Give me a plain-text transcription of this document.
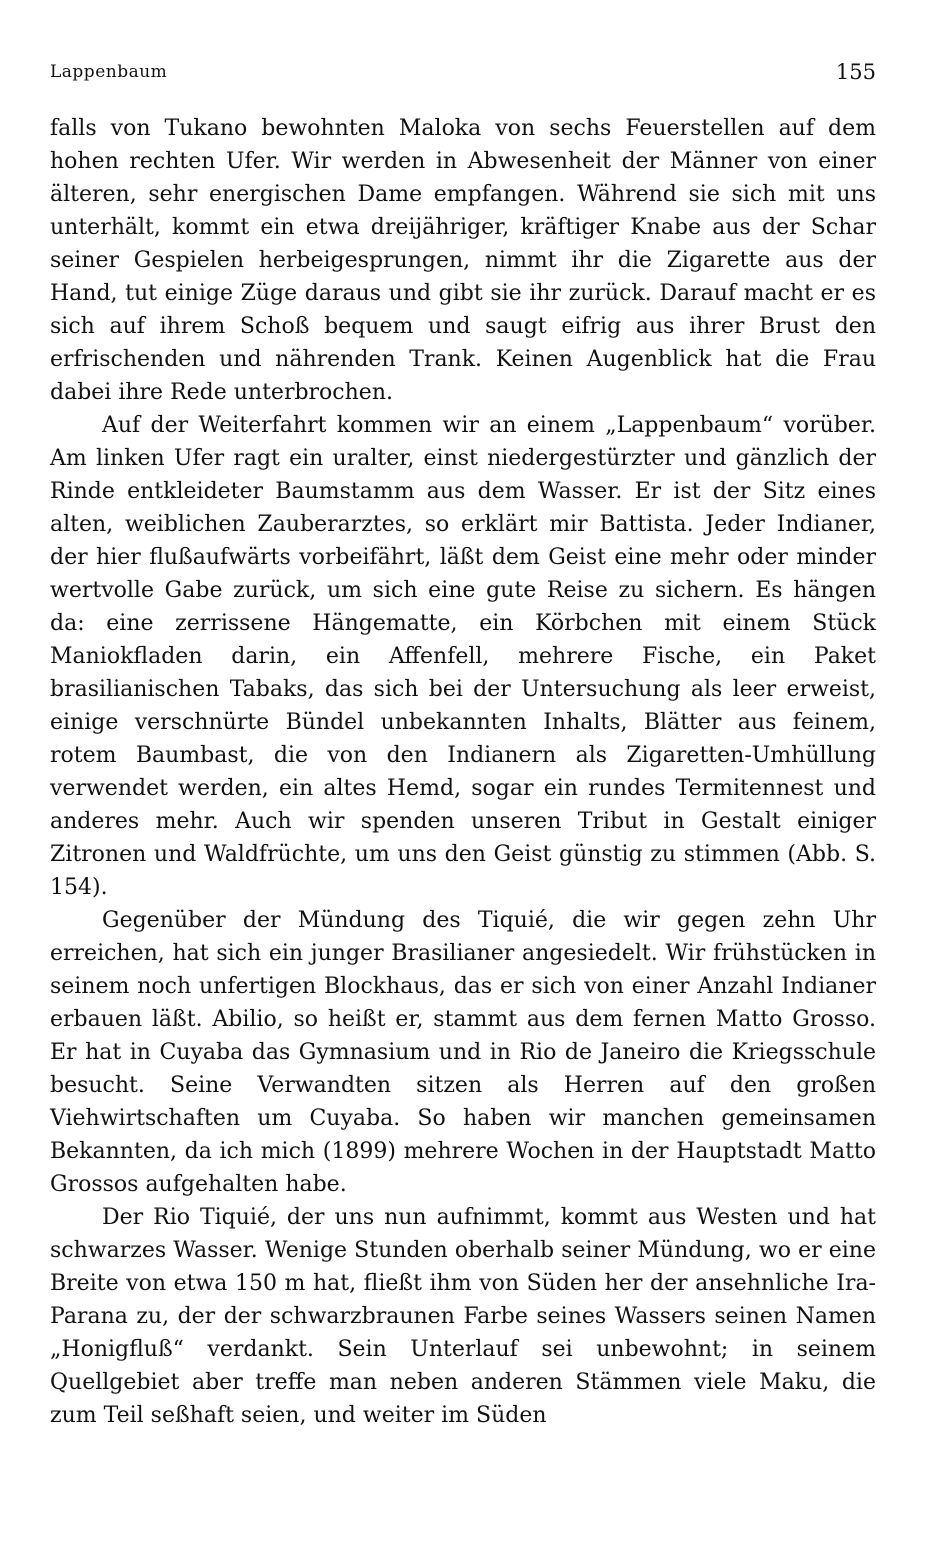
Lappenbaum	155

falls von Tukano bewohnten Maloka von sechs Feuerstellen auf dem hohen rechten Ufer. Wir werden in Abwesenheit der Männer von einer älteren, sehr energischen Dame empfangen. Während sie sich mit uns unterhält, kommt ein etwa dreijähriger, kräftiger Knabe aus der Schar seiner Gespielen herbeigesprungen, nimmt ihr die Zigarette aus der Hand, tut einige Züge daraus und gibt sie ihr zurück. Darauf macht er es sich auf ihrem Schoß bequem und saugt eifrig aus ihrer Brust den erfrischenden und nährenden Trank. Keinen Augenblick hat die Frau dabei ihre Rede unterbrochen.

Auf der Weiterfahrt kommen wir an einem „Lappenbaum“ vorüber. Am linken Ufer ragt ein uralter, einst niedergestürzter und gänzlich der Rinde entkleideter Baumstamm aus dem Wasser. Er ist der Sitz eines alten, weiblichen Zauberarztes, so erklärt mir Battista. Jeder Indianer, der hier flußaufwärts vorbeifährt, läßt dem Geist eine mehr oder minder wertvolle Gabe zurück, um sich eine gute Reise zu sichern. Es hängen da: eine zerrissene Hängematte, ein Körbchen mit einem Stück Maniokfladen darin, ein Affenfell, mehrere Fische, ein Paket brasilianischen Tabaks, das sich bei der Untersuchung als leer erweist, einige verschnürte Bündel unbekannten Inhalts, Blätter aus feinem, rotem Baumbast, die von den Indianern als Zigaretten-Umhüllung verwendet werden, ein altes Hemd, sogar ein rundes Termitennest und anderes mehr. Auch wir spenden unseren Tribut in Gestalt einiger Zitronen und Waldfrüchte, um uns den Geist günstig zu stimmen (Abb. S. 154).

Gegenüber der Mündung des Tiquié, die wir gegen zehn Uhr erreichen, hat sich ein junger Brasilianer angesiedelt. Wir frühstücken in seinem noch unfertigen Blockhaus, das er sich von einer Anzahl Indianer erbauen läßt. Abilio, so heißt er, stammt aus dem fernen Matto Grosso. Er hat in Cuyaba das Gymnasium und in Rio de Janeiro die Kriegsschule besucht. Seine Verwandten sitzen als Herren auf den großen Viehwirtschaften um Cuyaba. So haben wir manchen gemeinsamen Bekannten, da ich mich (1899) mehrere Wochen in der Hauptstadt Matto Grossos aufgehalten habe.

Der Rio Tiquié, der uns nun aufnimmt, kommt aus Westen und hat schwarzes Wasser. Wenige Stunden oberhalb seiner Mündung, wo er eine Breite von etwa 150 m hat, fließt ihm von Süden her der ansehnliche Ira-Parana zu, der der schwarzbraunen Farbe seines Wassers seinen Namen „Honigfluß“ verdankt. Sein Unterlauf sei unbewohnt; in seinem Quellgebiet aber treffe man neben anderen Stämmen viele Maku, die zum Teil seßhaft seien, und weiter im Süden
